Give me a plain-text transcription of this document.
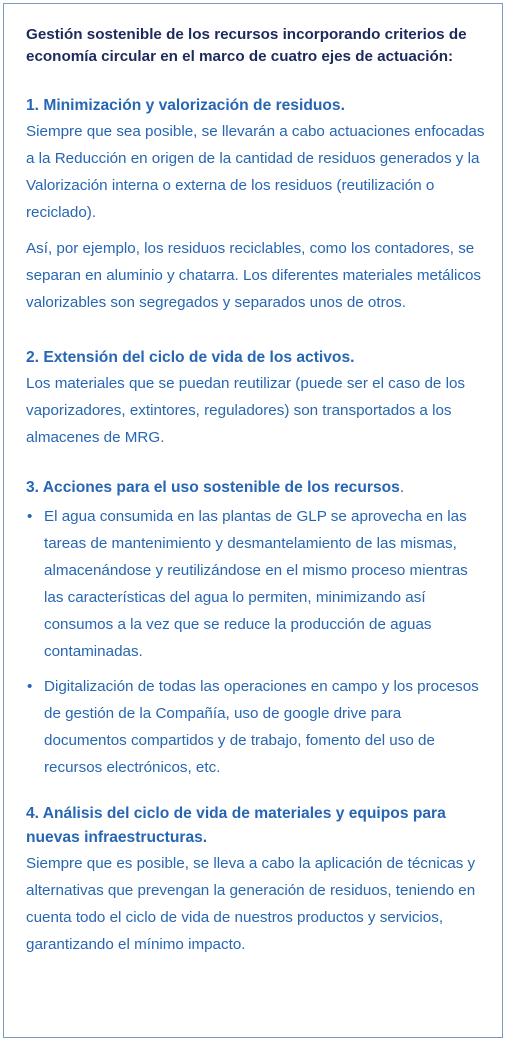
Gestión sostenible de los recursos incorporando criterios de economía circular en el marco de cuatro ejes de actuación:

1. Minimización y valorización de residuos.

Siempre que sea posible, se llevarán a cabo actuaciones enfocadas a la Reducción en origen de la cantidad de residuos generados y la Valorización interna o externa de los residuos (reutilización o reciclado).

Así, por ejemplo, los residuos reciclables, como los contadores, se separan en aluminio y chatarra. Los diferentes materiales metálicos valorizables son segregados y separados unos de otros.

2. Extensión del ciclo de vida de los activos.

Los materiales que se puedan reutilizar (puede ser el caso de los vaporizadores, extintores, reguladores) son transportados a los almacenes de MRG.

3. Acciones para el uso sostenible de los recursos.

• El agua consumida en las plantas de GLP se aprovecha en las tareas de mantenimiento y desmantelamiento de las mismas, almacenándose y reutilizándose en el mismo proceso mientras las características del agua lo permiten, minimizando así consumos a la vez que se reduce la producción de aguas contaminadas.
• Digitalización de todas las operaciones en campo y los procesos de gestión de la Compañía, uso de google drive para documentos compartidos y de trabajo, fomento del uso de recursos electrónicos, etc.

4. Análisis del ciclo de vida de materiales y equipos para nuevas infraestructuras.

Siempre que es posible, se lleva a cabo la aplicación de técnicas y alternativas que prevengan la generación de residuos, teniendo en cuenta todo el ciclo de vida de nuestros productos y servicios, garantizando el mínimo impacto.
